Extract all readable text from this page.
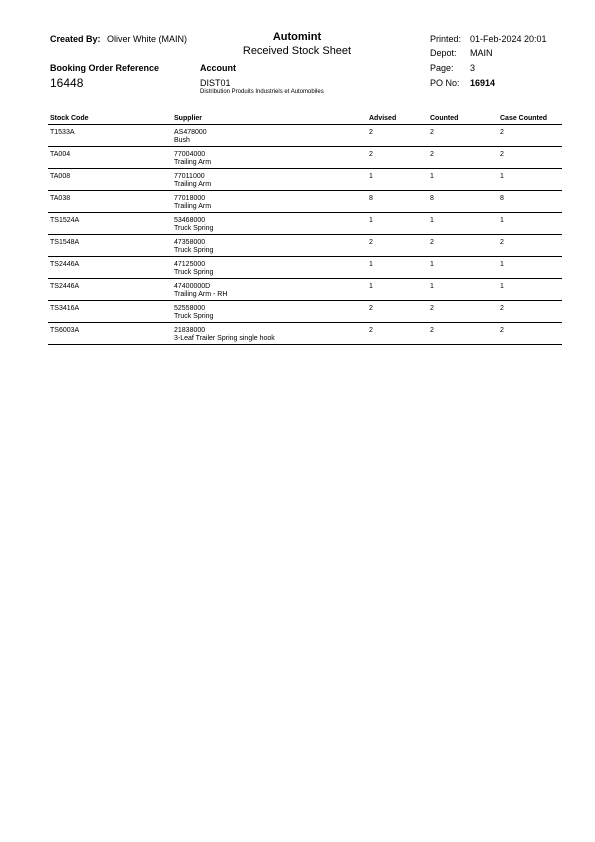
Created By: Oliver White (MAIN)	Automint
Received Stock Sheet
Printed: 01-Feb-2024 20:01
Depot: MAIN
Page: 3
PO No: 16914
Booking Order Reference
16448
Account
DIST01
Distribution Produits Industriels et Automobiles
Stock Code	Supplier	Advised	Counted	Case Counted
T1533A	AS478000
Bush
2	2	2
TA004	77004000
Trailing Arm
2	2	2
TA008	77011000
Trailing Arm
1	1	1
TA038	77018000
Trailing Arm
8	8	8
TS1524A	53468000
Truck Spring
1	1	1
TS1548A	47358000
Truck Spring
2	2	2
TS2446A	47125000
Truck Spring
1	1	1
TS2446A	47400000D
Trailing Arm - RH
1	1	1
TS3416A	52558000
Truck Spring
2	2	2
TS6003A	21838000
3-Leaf Trailer Spring single hook
2	2	2
